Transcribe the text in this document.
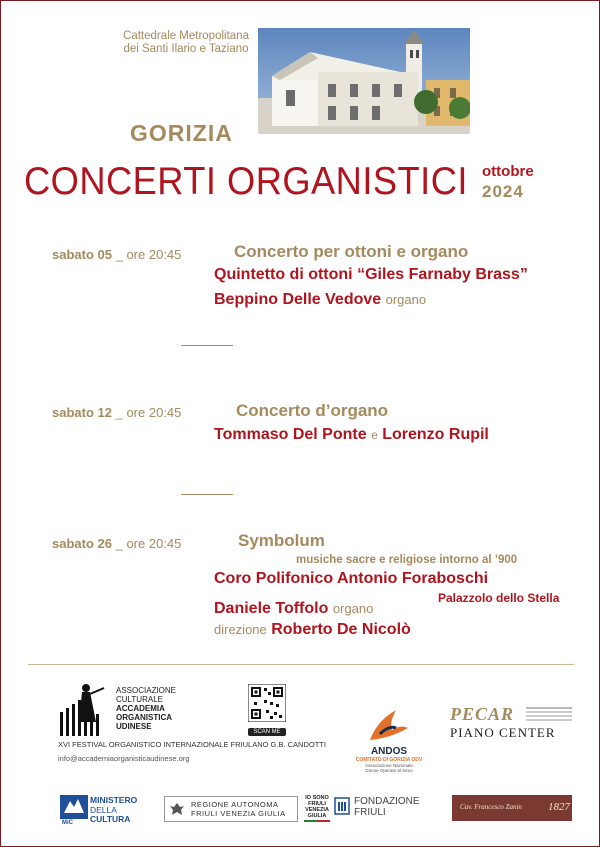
Cattedrale Metropolitana
dei Santi Ilario e Taziano
GORIZIA
CONCERTI ORGANISTICI ottobre
2024
sabato 05 _ ore 20:45	Concerto per ottoni e organo
Quintetto di ottoni “Giles Farnaby Brass”
Beppino Delle Vedove organo
sabato 12 _ ore 20:45	Concerto d’organo
Tommaso Del Ponte e Lorenzo Rupil
sabato 26 _ ore 20:45	Symbolum
musiche sacre e religiose intorno al ’900
Coro Polifonico Antonio Foraboschi
Palazzolo dello Stella
Daniele Toffolo organo
direzione Roberto De Nicolò
ASSOCIAZIONE
CULTURALE
ACCADEMIA
ORGANISTICA
UDINESE
SCAN ME
XVI FESTIVAL ORGANISTICO INTERNAZIONALE FRIULANO G.B. CANDOTTI
info@accademiaorganisticaudinese.org
ANDOS
COMITATO DI GORIZIA ODV
Associazione Nazionale
Donne Operate al Seno
PECAR
PIANO CENTER
MiC
MINISTERO
DELLA
CULTURA
REGIONE AUTONOMA
FRIULI VENEZIA GIULIA
IO SONO
FRIULI
VENEZIA
GIULIA
FONDAZIONE
FRIULI	Cav. Francesco Zanin 1827
